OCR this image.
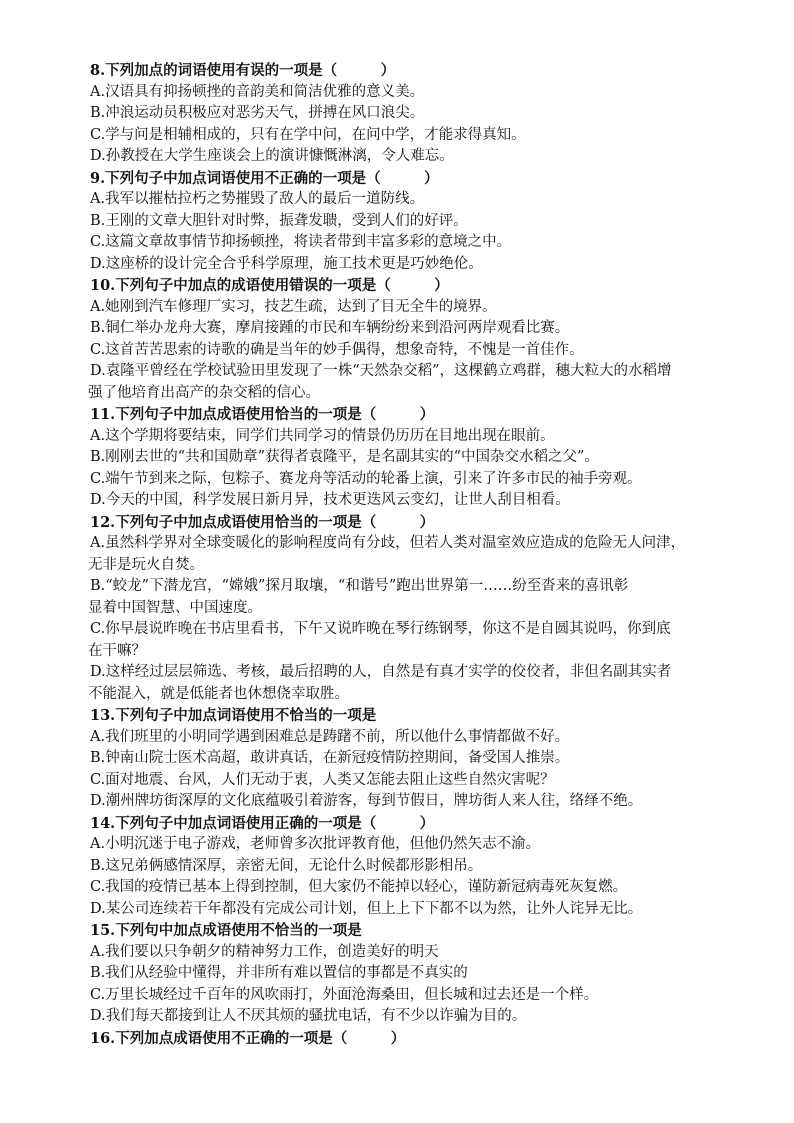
8.下列加点的词语使用有误的一项是（　　　）
A.汉语具有抑扬顿挫的音韵美和简洁优雅的意义美。
B.冲浪运动员积极应对恶劣天气，拼搏在风口浪尖。
C.学与问是相辅相成的，只有在学中问，在问中学，才能求得真知。
D.孙教授在大学生座谈会上的演讲慷慨淋漓，令人难忘。
9.下列句子中加点词语使用不正确的一项是（　　　）
A.我军以摧枯拉朽之势摧毁了敌人的最后一道防线。
B.王刚的文章大胆针对时弊，振聋发聩，受到人们的好评。
C.这篇文章故事情节抑扬顿挫，将读者带到丰富多彩的意境之中。
D.这座桥的设计完全合乎科学原理，施工技术更是巧妙绝伦。
10.下列句子中加点的成语使用错误的一项是（　　　）
A.她刚到汽车修理厂实习，技艺生疏，达到了目无全牛的境界。
B.铜仁举办龙舟大赛，摩肩接踵的市民和车辆纷纷来到沿河两岸观看比赛。
C.这首苦苦思索的诗歌的确是当年的妙手偶得，想象奇特，不愧是一首佳作。
D.袁隆平曾经在学校试验田里发现了一株“天然杂交稻”，这棵鹤立鸡群，穗大粒大的水稻增
强了他培育出高产的杂交稻的信心。
11.下列句子中加点成语使用恰当的一项是（　　　）
A.这个学期将要结束，同学们共同学习的情景仍历历在目地出现在眼前。
B.刚刚去世的“共和国勋章”获得者袁隆平，是名副其实的“中国杂交水稻之父”。
C.端午节到来之际，包粽子、赛龙舟等活动的轮番上演，引来了许多市民的袖手旁观。
D.今天的中国，科学发展日新月异，技术更迭风云变幻，让世人刮目相看。
12.下列句子中加点成语使用恰当的一项是（　　　）
A.虽然科学界对全球变暖化的影响程度尚有分歧，但若人类对温室效应造成的危险无人问津，
无非是玩火自焚。
B.“蛟龙”下潜龙宫，“嫦娥”探月取壤，“和谐号”跑出世界第一……纷至沓来的喜讯彰
显着中国智慧、中国速度。
C.你早晨说昨晚在书店里看书，下午又说昨晚在琴行练钢琴，你这不是自圆其说吗，你到底
在干嘛？
D.这样经过层层筛选、考核，最后招聘的人，自然是有真才实学的佼佼者，非但名副其实者
不能混入，就是低能者也休想侥幸取胜。
13.下列句子中加点词语使用不恰当的一项是
A.我们班里的小明同学遇到困难总是踌躇不前，所以他什么事情都做不好。
B.钟南山院士医术高超，敢讲真话，在新冠疫情防控期间，备受国人推崇。
C.面对地震、台风，人们无动于衷，人类又怎能去阻止这些自然灾害呢？
D.潮州牌坊街深厚的文化底蕴吸引着游客，每到节假日，牌坊街人来人往，络绎不绝。
14.下列句子中加点词语使用正确的一项是（　　　）
A.小明沉迷于电子游戏，老师曾多次批评教育他，但他仍然矢志不渝。
B.这兄弟俩感情深厚，亲密无间，无论什么时候都形影相吊。
C.我国的疫情已基本上得到控制，但大家仍不能掉以轻心，谨防新冠病毒死灰复燃。
D.某公司连续若干年都没有完成公司计划，但上上下下都不以为然，让外人诧异无比。
15.下列句中加点成语使用不恰当的一项是
A.我们要以只争朝夕的精神努力工作，创造美好的明天
B.我们从经验中懂得，并非所有难以置信的事都是不真实的
C.万里长城经过千百年的风吹雨打，外面沧海桑田，但长城和过去还是一个样。
D.我们每天都接到让人不厌其烦的骚扰电话，有不少以诈骗为目的。
16.下列加点成语使用不正确的一项是（　　　）
